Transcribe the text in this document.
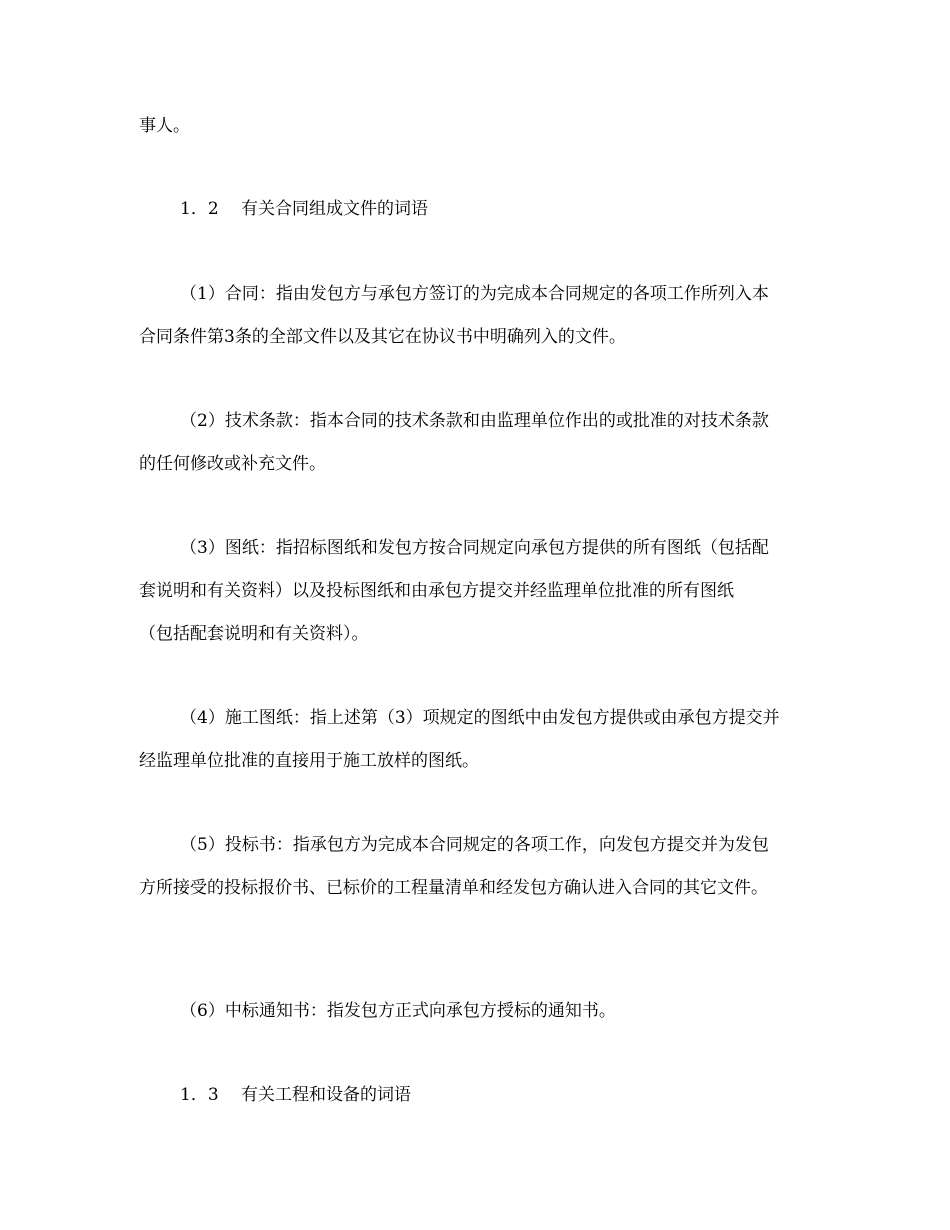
事人。

1．2　 有关合同组成文件的词语

（1）合同：指由发包方与承包方签订的为完成本合同规定的各项工作所列入本

合同条件第3条的全部文件以及其它在协议书中明确列入的文件。

（2）技术条款：指本合同的技术条款和由监理单位作出的或批准的对技术条款

的任何修改或补充文件。

（3）图纸：指招标图纸和发包方按合同规定向承包方提供的所有图纸（包括配

套说明和有关资料）以及投标图纸和由承包方提交并经监理单位批准的所有图纸

（包括配套说明和有关资料）。

（4）施工图纸：指上述第（3）项规定的图纸中由发包方提供或由承包方提交并

经监理单位批准的直接用于施工放样的图纸。

（5）投标书：指承包方为完成本合同规定的各项工作，向发包方提交并为发包

方所接受的投标报价书、已标价的工程量清单和经发包方确认进入合同的其它文件。

（6）中标通知书：指发包方正式向承包方授标的通知书。

1．3　 有关工程和设备的词语
